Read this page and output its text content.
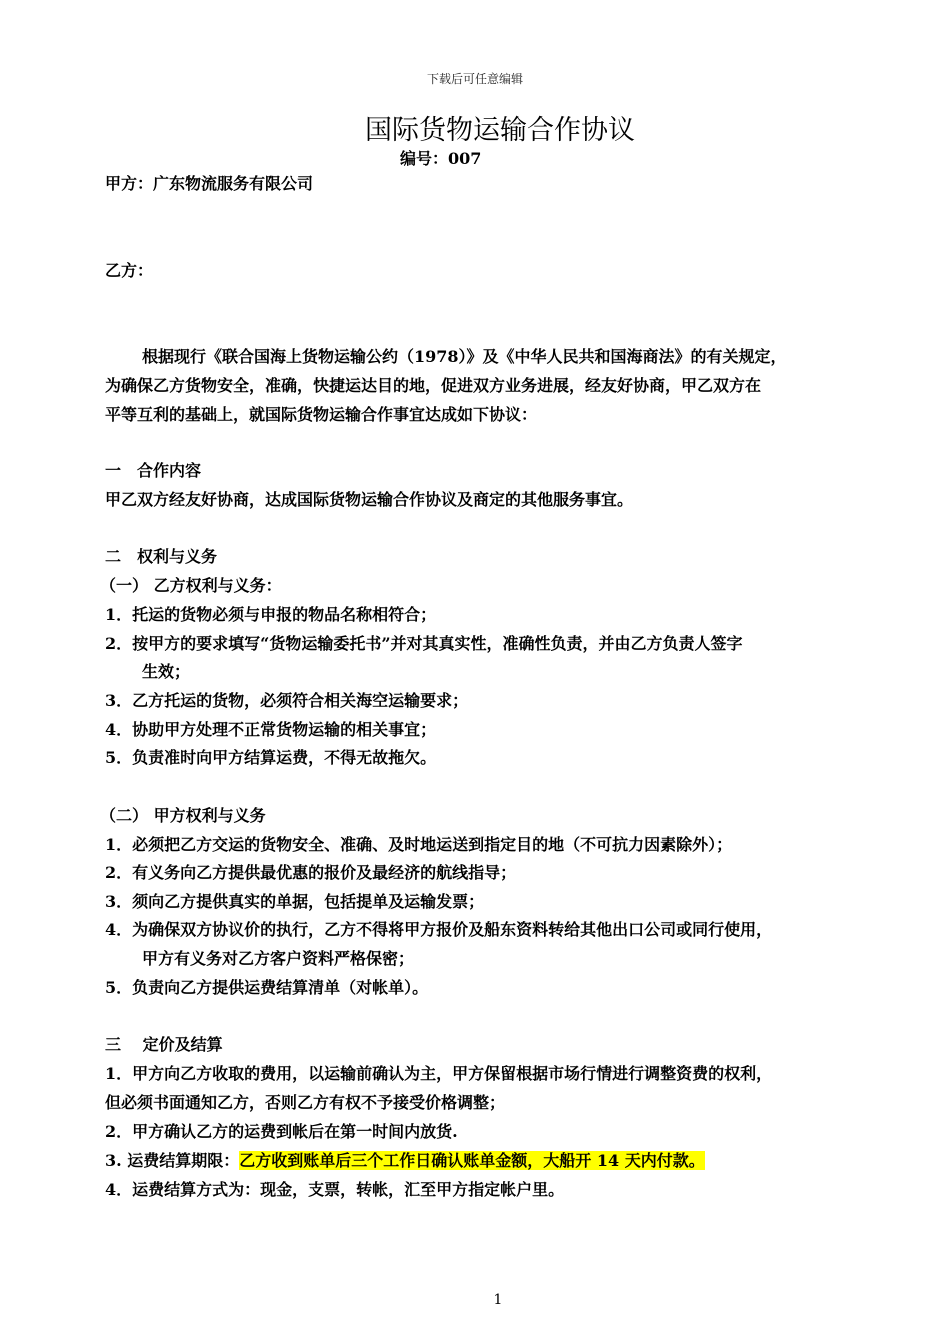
下载后可任意编辑
国际货物运输合作协议
编号：007
甲方：广东物流服务有限公司
乙方：
根据现行《联合国海上货物运输公约（1978）》及《中华人民共和国海商法》的有关规定，
为确保乙方货物安全，准确，快捷运达目的地，促进双方业务进展，经友好协商，甲乙双方在
平等互利的基础上，就国际货物运输合作事宜达成如下协议：
一　合作内容
甲乙双方经友好协商，达成国际货物运输合作协议及商定的其他服务事宜。
二　权利与义务
（一） 乙方权利与义务：
1．托运的货物必须与申报的物品名称相符合；
2．按甲方的要求填写“货物运输委托书”并对其真实性，准确性负责，并由乙方负责人签字
生效；
3．乙方托运的货物，必须符合相关海空运输要求；
4．协助甲方处理不正常货物运输的相关事宜；
5．负责准时向甲方结算运费，不得无故拖欠。
（二） 甲方权利与义务
1．必须把乙方交运的货物安全、准确、及时地运送到指定目的地（不可抗力因素除外）；
2．有义务向乙方提供最优惠的报价及最经济的航线指导；
3．须向乙方提供真实的单据，包括提单及运输发票；
4．为确保双方协议价的执行，乙方不得将甲方报价及船东资料转给其他出口公司或同行使用，
甲方有义务对乙方客户资料严格保密；
5．负责向乙方提供运费结算清单（对帐单）。
三　 定价及结算
1．甲方向乙方收取的费用，以运输前确认为主，甲方保留根据市场行情进行调整资费的权利，
但必须书面通知乙方，否则乙方有权不予接受价格调整；
2．甲方确认乙方的运费到帐后在第一时间内放货.
3. 运费结算期限：乙方收到账单后三个工作日确认账单金额，大船开 14 天内付款。
4．运费结算方式为：现金，支票，转帐，汇至甲方指定帐户里。
1
